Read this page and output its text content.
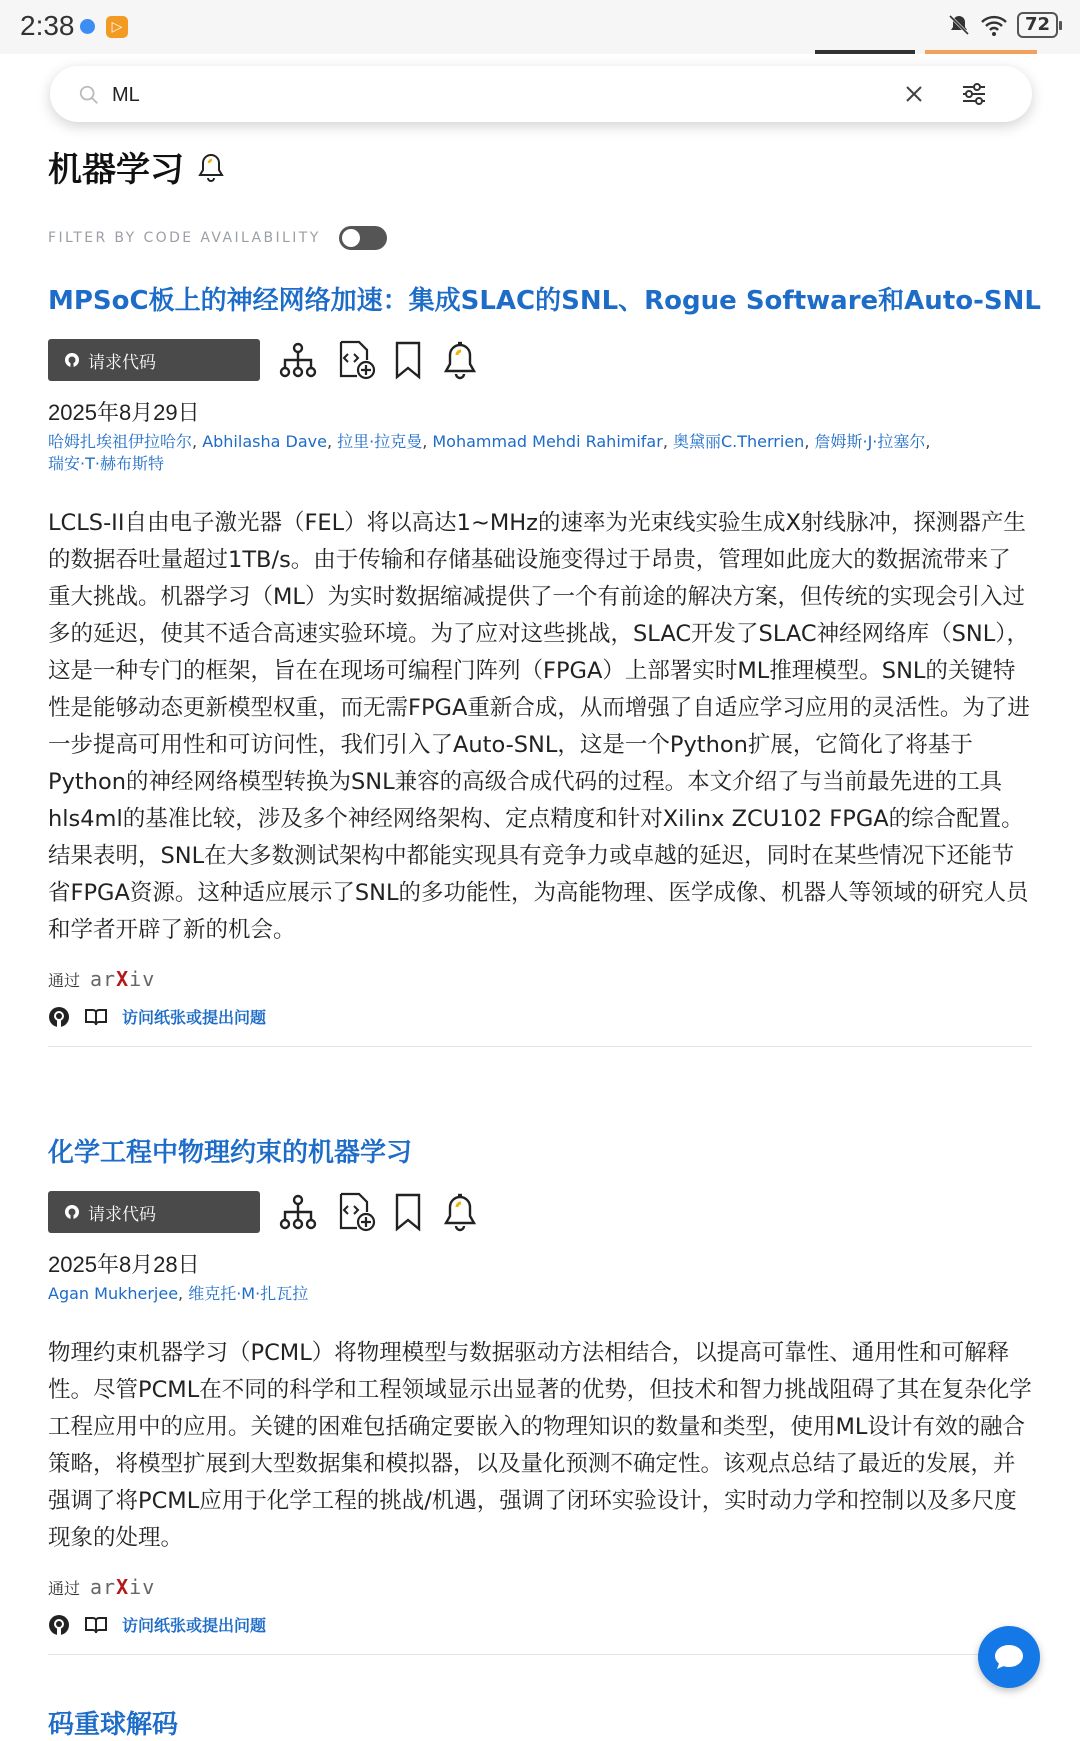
2:38	▷	72
ML
机器学习
FILTER BY CODE AVAILABILITY
MPSoC板上的神经网络加速：集成SLAC的SNL、Rogue Software和Auto-SNL
请求代码
2025年8月29日
哈姆扎埃祖伊拉哈尔, Abhilasha Dave, 拉里·拉克曼, Mohammad Mehdi Rahimifar, 奥黛丽C.Therrien, 詹姆斯·J·拉塞尔,
瑞安·T·赫布斯特
LCLS-II自由电子激光器（FEL）将以高达1~MHz的速率为光束线实验生成X射线脉冲，探测器产生的数据吞吐量超过1TB/s。由于传输和存储基础设施变得过于昂贵，管理如此庞大的数据流带来了重大挑战。机器学习（ML）为实时数据缩减提供了一个有前途的解决方案，但传统的实现会引入过多的延迟，使其不适合高速实验环境。为了应对这些挑战，SLAC开发了SLAC神经网络库（SNL），这是一种专门的框架，旨在在现场可编程门阵列（FPGA）上部署实时ML推理模型。SNL的关键特性是能够动态更新模型权重，而无需FPGA重新合成，从而增强了自适应学习应用的灵活性。为了进一步提高可用性和可访问性，我们引入了Auto-SNL，这是一个Python扩展，它简化了将基于Python的神经网络模型转换为SNL兼容的高级合成代码的过程。本文介绍了与当前最先进的工具hls4ml的基准比较，涉及多个神经网络架构、定点精度和针对Xilinx ZCU102 FPGA的综合配置。结果表明，SNL在大多数测试架构中都能实现具有竞争力或卓越的延迟，同时在某些情况下还能节省FPGA资源。这种适应展示了SNL的多功能性，为高能物理、医学成像、机器人等领域的研究人员和学者开辟了新的机会。
通过 arXiv
访问纸张或提出问题
化学工程中物理约束的机器学习
请求代码
2025年8月28日
Agan Mukherjee, 维克托·M·扎瓦拉
物理约束机器学习（PCML）将物理模型与数据驱动方法相结合，以提高可靠性、通用性和可解释性。尽管PCML在不同的科学和工程领域显示出显著的优势，但技术和智力挑战阻碍了其在复杂化学工程应用中的应用。关键的困难包括确定要嵌入的物理知识的数量和类型，使用ML设计有效的融合策略，将模型扩展到大型数据集和模拟器，以及量化预测不确定性。该观点总结了最近的发展，并强调了将PCML应用于化学工程的挑战/机遇，强调了闭环实验设计，实时动力学和控制以及多尺度现象的处理。
通过 arXiv
访问纸张或提出问题
码重球解码
